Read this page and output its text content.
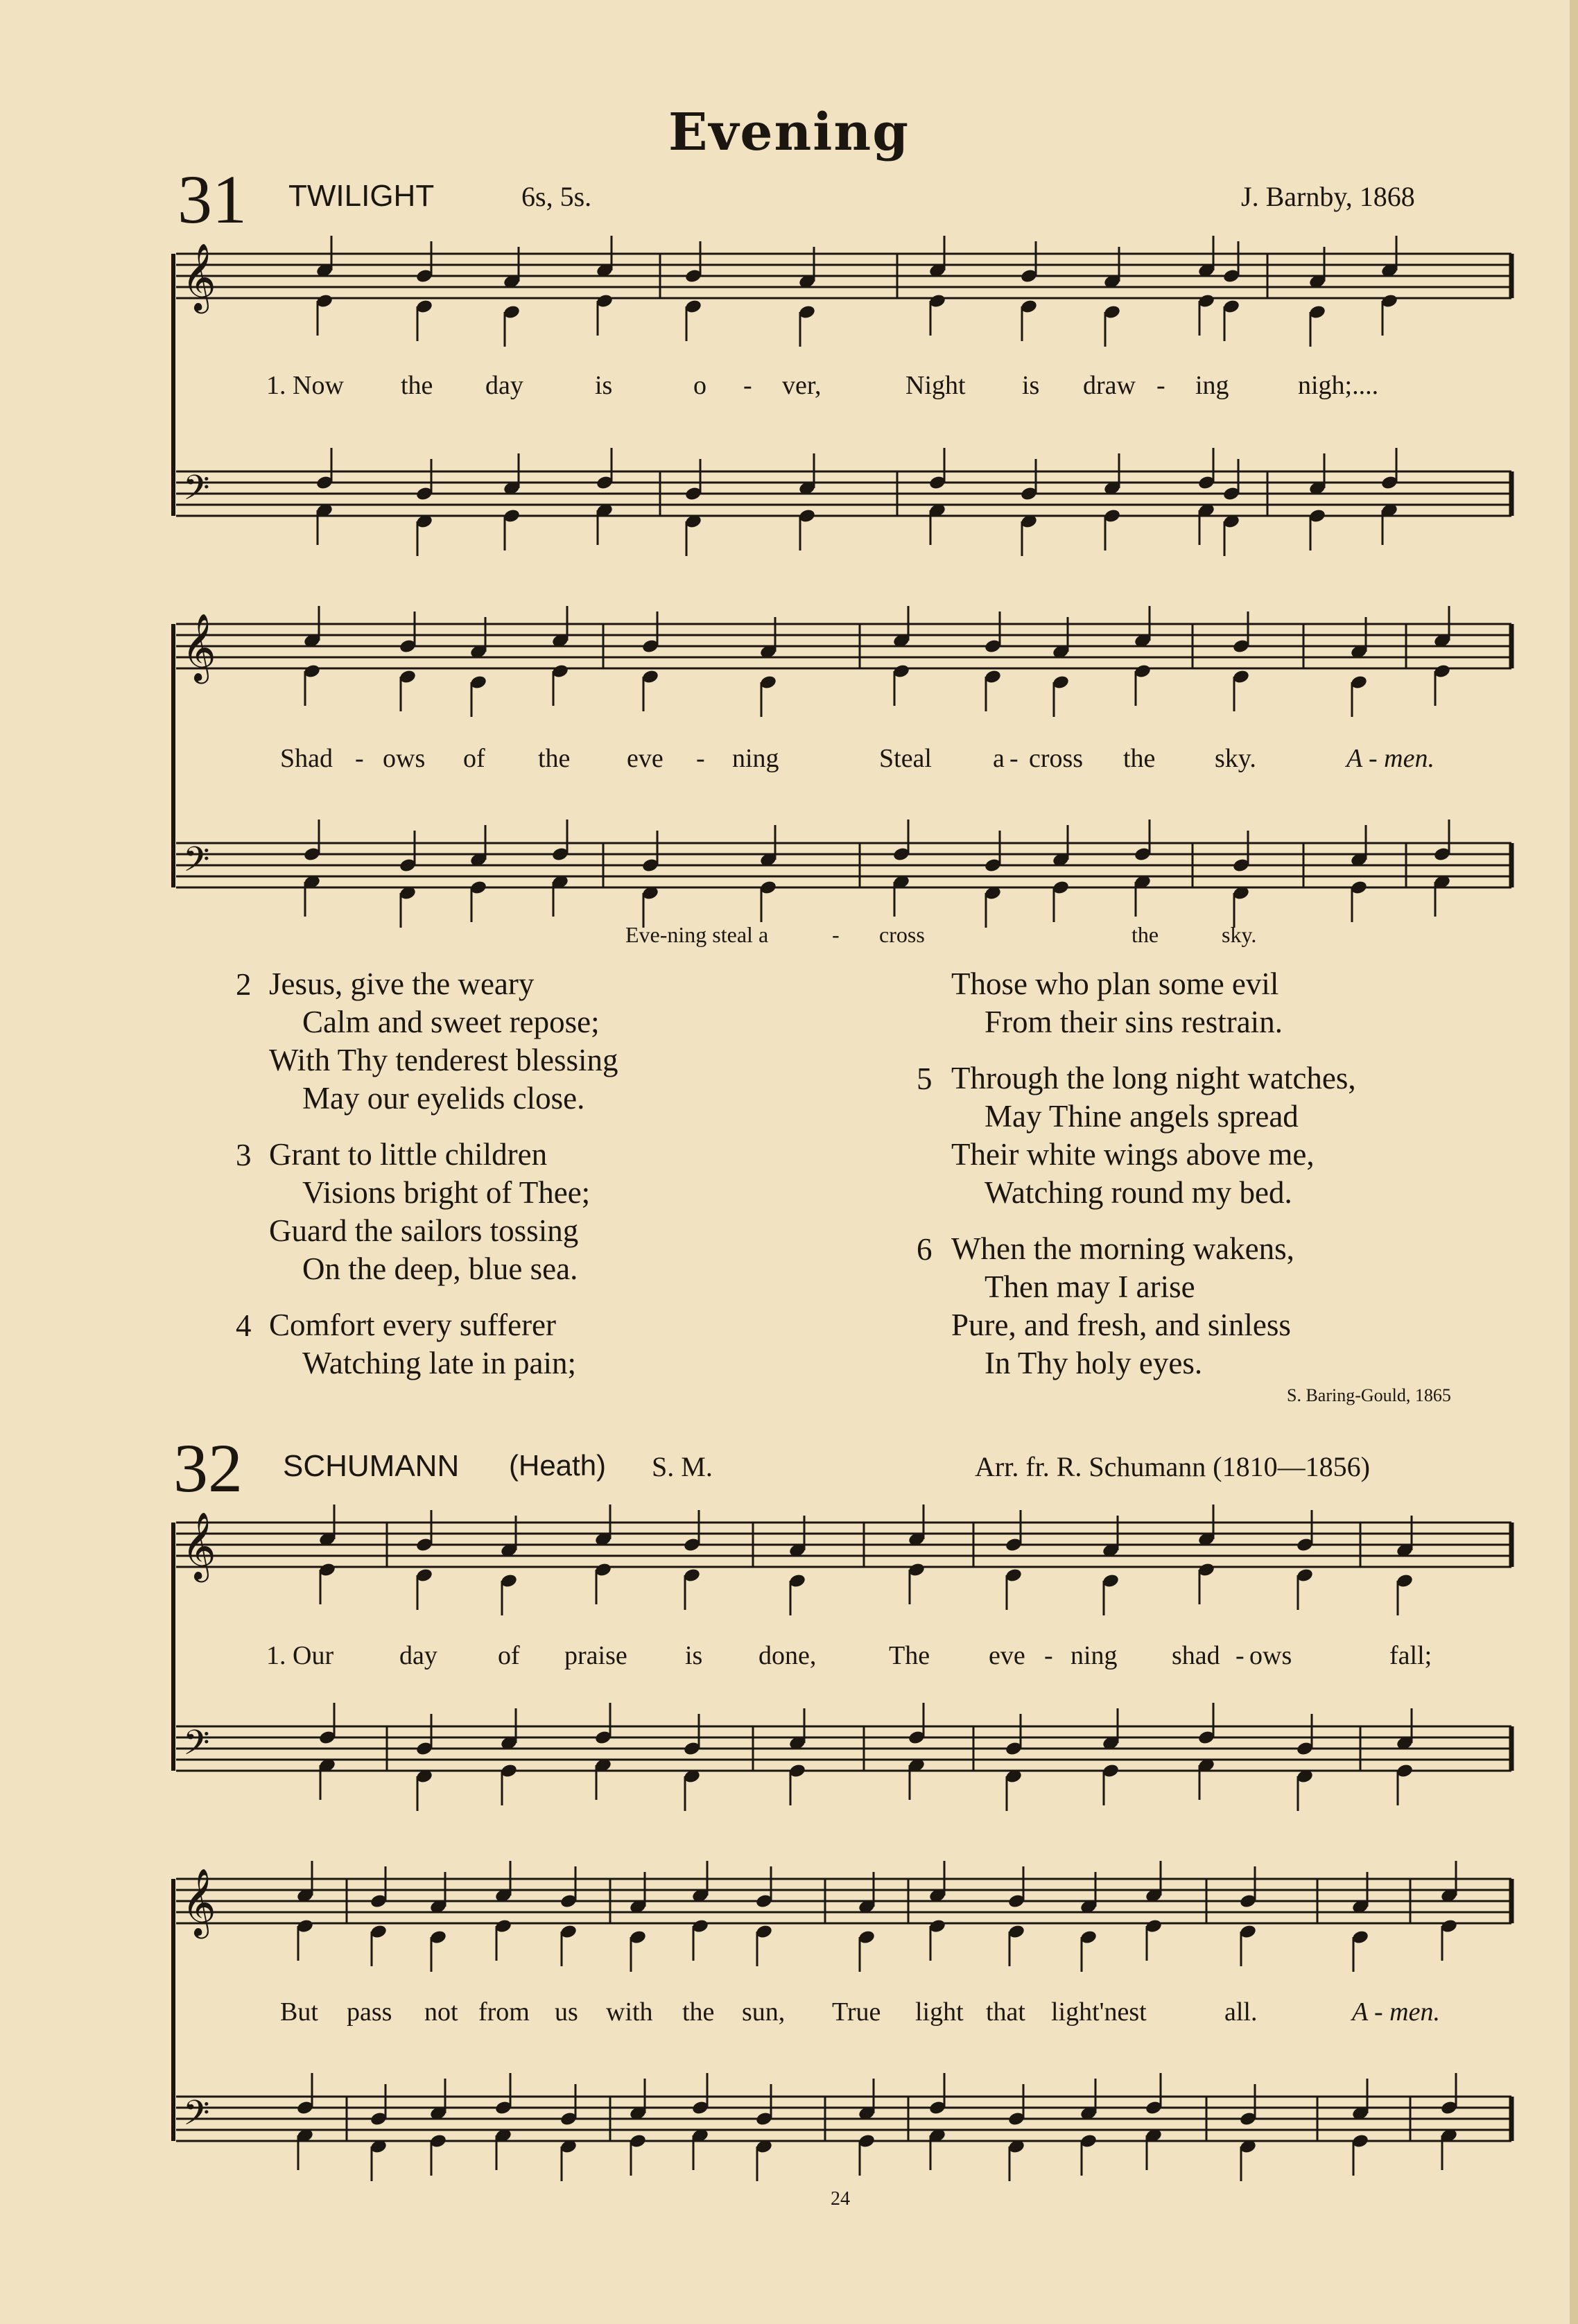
Evening
31 TWILIGHT	6s, 5s.	J. Barnby, 1868
1. Now the day	is	o - ver,	Night is draw - ing	nigh;....
Shad - ows of the eve - ning	Steal a - cross the sky.	A - men.
Eve-ning steal a	- cross	the	sky.
2 Jesus, give the weary
Calm and sweet repose;
With Thy tenderest blessing
May our eyelids close.
3 Grant to little children
Visions bright of Thee;
Guard the sailors tossing
On the deep, blue sea.
4 Comfort every sufferer
Watching late in pain;
Those who plan some evil
From their sins restrain.
5 Through the long night watches,
May Thine angels spread
Their white wings above me,
Watching round my bed.
6 When the morning wakens,
Then may I arise
Pure, and fresh, and sinless
In Thy holy eyes.
S. Baring-Gould, 1865
32 SCHUMANN (Heath) S. M.	Arr. fr. R. Schumann (1810—1856)
1. Our day of praise is done,	The eve - ning shad - ows	fall;
But pass not from us with the sun, True light that light'nest	all.	A - men.
24
𝄞
𝄢
𝄞
𝄢
𝄞
𝄢
𝄞
𝄢
